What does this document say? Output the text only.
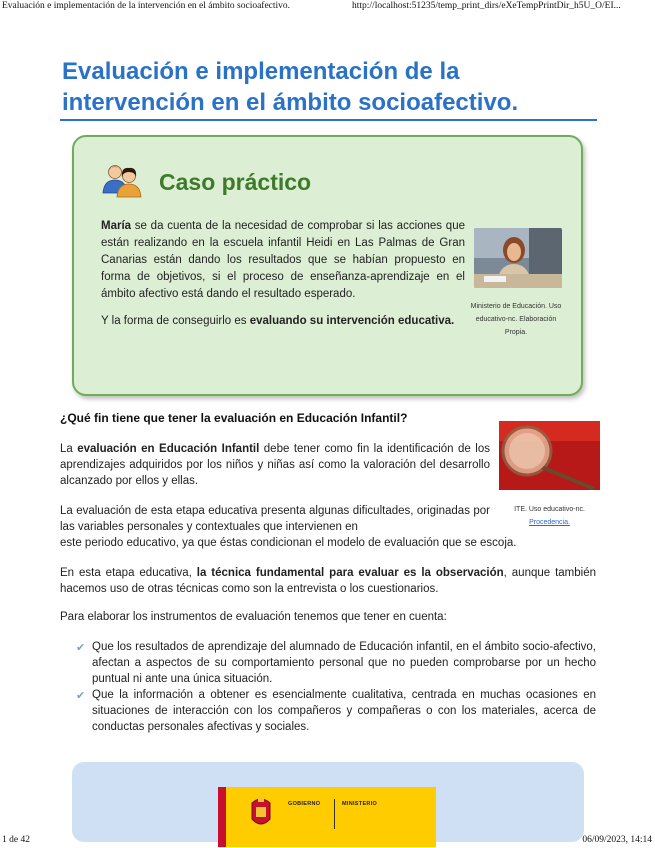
Evaluación e implementación de la intervención en el ámbito socioafectivo.	http://localhost:51235/temp_print_dirs/eXeTempPrintDir_h5U_O/EI...
Evaluación e implementación de la intervención en el ámbito socioafectivo.
Caso práctico

María se da cuenta de la necesidad de comprobar si las acciones que están realizando en la escuela infantil Heidi en Las Palmas de Gran Canarias están dando los resultados que se habían propuesto en forma de objetivos, si el proceso de enseñanza-aprendizaje en el ámbito afectivo está dando el resultado esperado.

Y la forma de conseguirlo es evaluando su intervención educativa.

Ministerio de Educación. Uso educativo-nc. Elaboración Propia.
¿Qué fin tiene que tener la evaluación en Educación Infantil?
ITE. Uso educativo-nc.
Procedencia.

La evaluación en Educación Infantil debe tener como fin la identificación de los aprendizajes adquiridos por los niños y niñas así como la valoración del desarrollo alcanzado por ellos y ellas.

La evaluación de esta etapa educativa presenta algunas dificultades, originadas por las variables personales y contextuales que intervienen en

este periodo educativo, ya que éstas condicionan el modelo de evaluación que se escoja.

En esta etapa educativa, la técnica fundamental para evaluar es la observación, aunque también hacemos uso de otras técnicas como son la entrevista o los cuestionarios.

Para elaborar los instrumentos de evaluación tenemos que tener en cuenta:

✔ Que los resultados de aprendizaje del alumnado de Educación infantil, en el ámbito socio-afectivo, afectan a aspectos de su comportamiento personal que no pueden comprobarse por un hecho puntual ni ante una única situación.
✔ Que la información a obtener es esencialmente cualitativa, centrada en muchas ocasiones en situaciones de interacción con los compañeros y compañeras o con los materiales, acerca de conductas personales afectivas y sociales.
GOBIERNO	MINISTERIO
1 de 42	06/09/2023, 14:14
